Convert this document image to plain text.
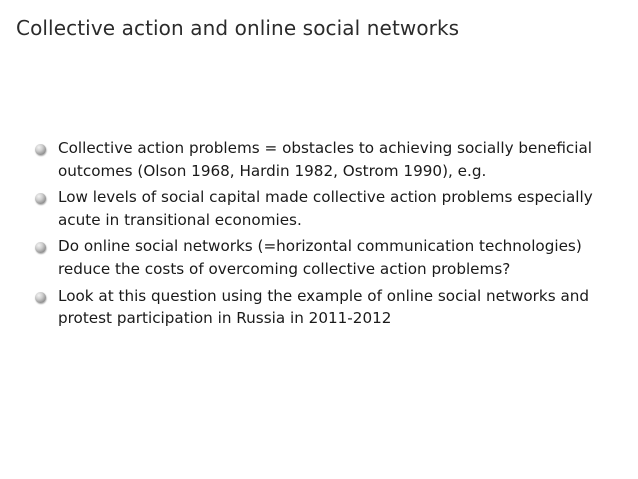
Collective action and online social networks
Collective action problems = obstacles to achieving socially beneficial outcomes (Olson 1968, Hardin 1982, Ostrom 1990), e.g.
Low levels of social capital made collective action problems especially acute in transitional economies.
Do online social networks (=horizontal communication technologies) reduce the costs of overcoming collective action problems?
Look at this question using the example of online social networks and protest participation in Russia in 2011-2012
